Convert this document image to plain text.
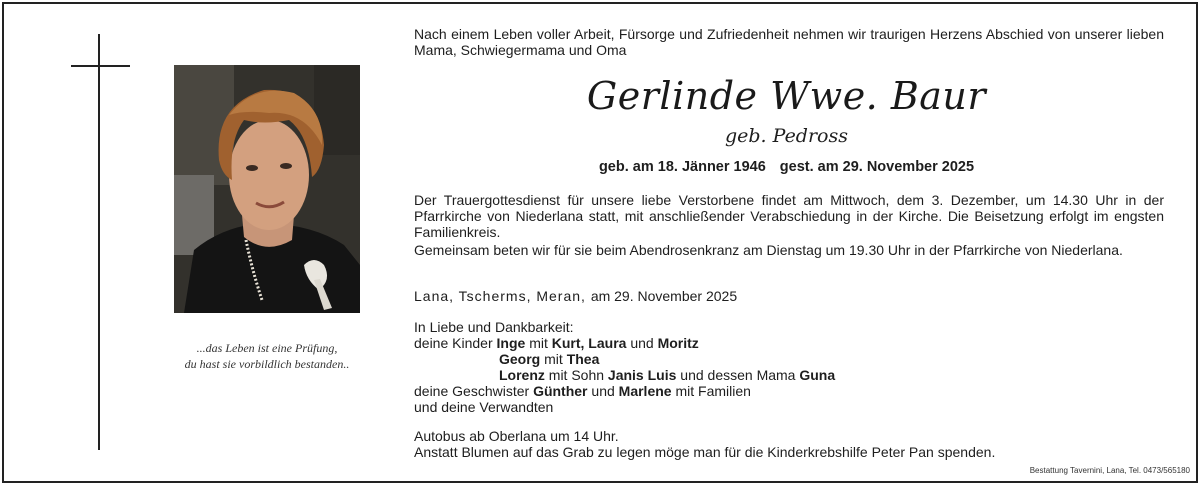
...das Leben ist eine Prüfung,
du hast sie vorbildlich bestanden..
Nach einem Leben voller Arbeit, Fürsorge und Zufriedenheit nehmen wir traurigen Herzens Abschied von unserer lieben Mama, Schwiegermama und Oma
Gerlinde Wwe. Baur
geb. Pedross
geb. am 18. Jänner 1946 gest. am 29. November 2025
Der Trauergottesdienst für unsere liebe Verstorbene findet am Mittwoch, dem 3. Dezember, um 14.30 Uhr in der Pfarrkirche von Niederlana statt, mit anschließender Verabschiedung in der Kirche. Die Beisetzung erfolgt im engsten Familienkreis.
Gemeinsam beten wir für sie beim Abendrosenkranz am Dienstag um 19.30 Uhr in der Pfarrkirche von Niederlana.
Lana, Tscherms, Meran, am 29. November 2025
In Liebe und Dankbarkeit:
deine Kinder Inge mit Kurt, Laura und Moritz
Georg mit Thea
Lorenz mit Sohn Janis Luis und dessen Mama Guna
deine Geschwister Günther und Marlene mit Familien
und deine Verwandten
Autobus ab Oberlana um 14 Uhr.
Anstatt Blumen auf das Grab zu legen möge man für die Kinderkrebshilfe Peter Pan spenden.
Bestattung Tavernini, Lana, Tel. 0473/565180
